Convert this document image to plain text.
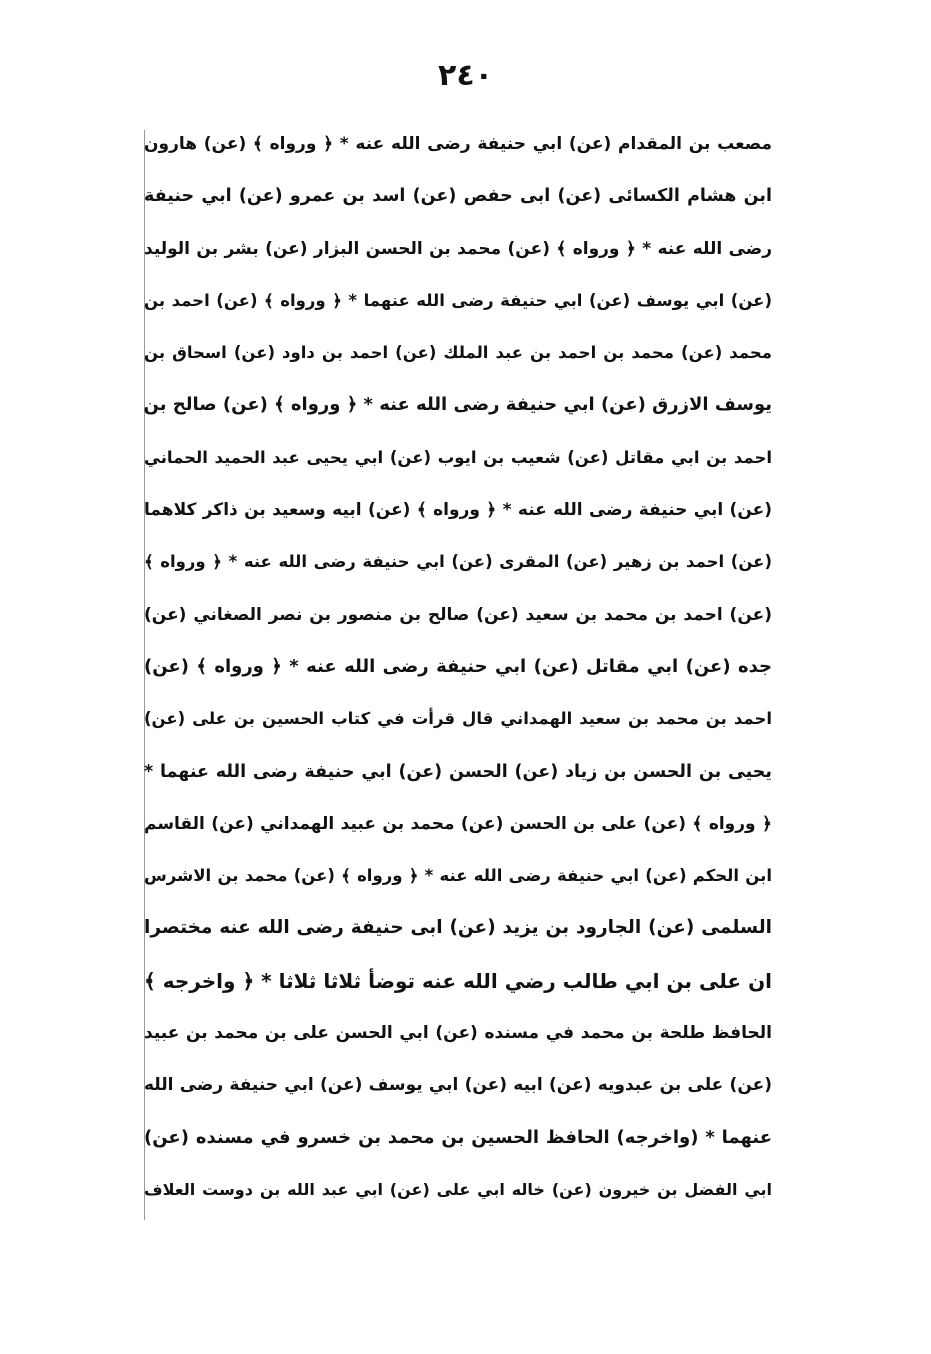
٢٤٠
مصعب بن المقدام (عن) ابي حنيفة رضى الله عنه * ﴿ ورواه ﴾ (عن) هارون
ابن هشام الكسائى (عن) ابى حفص (عن) اسد بن عمرو (عن) ابي حنيفة
رضى الله عنه * ﴿ ورواه ﴾ (عن) محمد بن الحسن البزار (عن) بشر بن الوليد
(عن) ابي يوسف (عن) ابي حنيفة رضى الله عنهما * ﴿ ورواه ﴾ (عن) احمد بن
محمد (عن) محمد بن احمد بن عبد الملك (عن) احمد بن داود (عن) اسحاق بن
يوسف الازرق (عن) ابي حنيفة رضى الله عنه * ﴿ ورواه ﴾ (عن) صالح بن
احمد بن ابي مقاتل (عن) شعيب بن ايوب (عن) ابي يحيى عبد الحميد الحماني
(عن) ابي حنيفة رضى الله عنه * ﴿ ورواه ﴾ (عن) ابيه وسعيد بن ذاكر كلاهما
(عن) احمد بن زهير (عن) المقرى (عن) ابي حنيفة رضى الله عنه * ﴿ ورواه ﴾
(عن) احمد بن محمد بن سعيد (عن) صالح بن منصور بن نصر الصغاني (عن)
جده (عن) ابي مقاتل (عن) ابي حنيفة رضى الله عنه * ﴿ ورواه ﴾ (عن)
احمد بن محمد بن سعيد الهمداني قال قرأت في كتاب الحسين بن على (عن)
يحيى بن الحسن بن زياد (عن) الحسن (عن) ابي حنيفة رضى الله عنهما *
﴿ ورواه ﴾ (عن) على بن الحسن (عن) محمد بن عبيد الهمداني (عن) القاسم
ابن الحكم (عن) ابي حنيفة رضى الله عنه * ﴿ ورواه ﴾ (عن) محمد بن الاشرس
السلمى (عن) الجارود بن يزيد (عن) ابى حنيفة رضى الله عنه مختصرا
ان على بن ابي طالب رضي الله عنه توضأ ثلاثا ثلاثا * ﴿ واخرجه ﴾
الحافظ طلحة بن محمد في مسنده (عن) ابي الحسن على بن محمد بن عبيد
(عن) على بن عبدويه (عن) ابيه (عن) ابي يوسف (عن) ابي حنيفة رضى الله
عنهما * (واخرجه) الحافظ الحسين بن محمد بن خسرو في مسنده (عن)
ابي الفضل بن خيرون (عن) خاله ابي على (عن) ابي عبد الله بن دوست العلاف
